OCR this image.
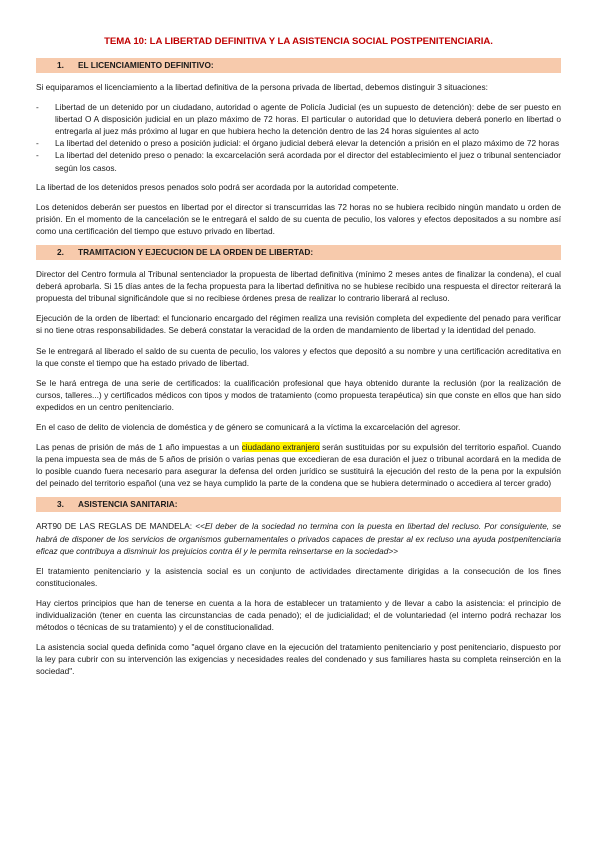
TEMA 10: LA LIBERTAD DEFINITIVA Y LA ASISTENCIA SOCIAL POSTPENITENCIARIA.
1. EL LICENCIAMIENTO DEFINITIVO:

Si equiparamos el licenciamiento a la libertad definitiva de la persona privada de libertad, debemos distinguir 3 situaciones:

- Libertad de un detenido por un ciudadano, autoridad o agente de Policía Judicial (es un supuesto de detención): debe de ser puesto en libertad O A disposición judicial en un plazo máximo de 72 horas. El particular o autoridad que lo detuviera deberá ponerlo en libertad o entregarla al juez más próximo al lugar en que hubiera hecho la detención dentro de las 24 horas siguientes al acto
- La libertad del detenido o preso a posición judicial: el órgano judicial deberá elevar la detención a prisión en el plazo máximo de 72 horas
- La libertad del detenido preso o penado: la excarcelación será acordada por el director del establecimiento el juez o tribunal sentenciador según los casos.

La libertad de los detenidos presos penados solo podrá ser acordada por la autoridad competente.

Los detenidos deberán ser puestos en libertad por el director si transcurridas las 72 horas no se hubiera recibido ningún mandato u orden de prisión. En el momento de la cancelación se le entregará el saldo de su cuenta de peculio, los valores y efectos depositados a su nombre así como una certificación del tiempo que estuvo privado en libertad.

2. TRAMITACION Y EJECUCION DE LA ORDEN DE LIBERTAD:

Director del Centro formula al Tribunal sentenciador la propuesta de libertad definitiva (mínimo 2 meses antes de finalizar la condena), el cual deberá aprobarla. Si 15 días antes de la fecha propuesta para la libertad definitiva no se hubiese recibido una respuesta el director reiterará la propuesta del tribunal significándole que si no recibiese órdenes presa de realizar lo contrario liberará al recluso.

Ejecución de la orden de libertad: el funcionario encargado del régimen realiza una revisión completa del expediente del penado para verificar si no tiene otras responsabilidades. Se deberá constatar la veracidad de la orden de mandamiento de libertad y la identidad del penado.

Se le entregará al liberado el saldo de su cuenta de peculio, los valores y efectos que depositó a su nombre y una certificación acreditativa en la que conste el tiempo que ha estado privado de libertad.

Se le hará entrega de una serie de certificados: la cualificación profesional que haya obtenido durante la reclusión (por la realización de cursos, talleres...) y certificados médicos con tipos y modos de tratamiento (como propuesta terapéutica) sin que conste en ellos que han sido expedidos en un centro penitenciario.

En el caso de delito de violencia de doméstica y de género se comunicará a la víctima la excarcelación del agresor.

Las penas de prisión de más de 1 año impuestas a un ciudadano extranjero serán sustituidas por su expulsión del territorio español. Cuando la pena impuesta sea de más de 5 años de prisión o varias penas que excedieran de esa duración el juez o tribunal acordará en la medida de lo posible cuando fuera necesario para asegurar la defensa del orden jurídico se sustituirá la ejecución del resto de la pena por la expulsión del peinado del territorio español (una vez se haya cumplido la parte de la condena que se hubiera determinado o accediera al tercer grado)

3. ASISTENCIA SANITARIA:
ART90 DE LAS REGLAS DE MANDELA: <<El deber de la sociedad no termina con la puesta en libertad del recluso. Por consiguiente, se habrá de disponer de los servicios de organismos gubernamentales o privados capaces de prestar al ex recluso una ayuda postpenitenciaria eficaz que contribuya a disminuir los prejuicios contra él y le permita reinsertarse en la sociedad>>

El tratamiento penitenciario y la asistencia social es un conjunto de actividades directamente dirigidas a la consecución de los fines constitucionales.

Hay ciertos principios que han de tenerse en cuenta a la hora de establecer un tratamiento y de llevar a cabo la asistencia: el principio de individualización (tener en cuenta las circunstancias de cada penado); el de judicialidad; el de voluntariedad (el interno podrá rechazar los métodos o técnicas de su tratamiento) y el de constitucionalidad.

La asistencia social queda definida como "aquel órgano clave en la ejecución del tratamiento penitenciario y post penitenciario, dispuesto por la ley para cubrir con su intervención las exigencias y necesidades reales del condenado y sus familiares hasta su completa reinserción en la sociedad".
